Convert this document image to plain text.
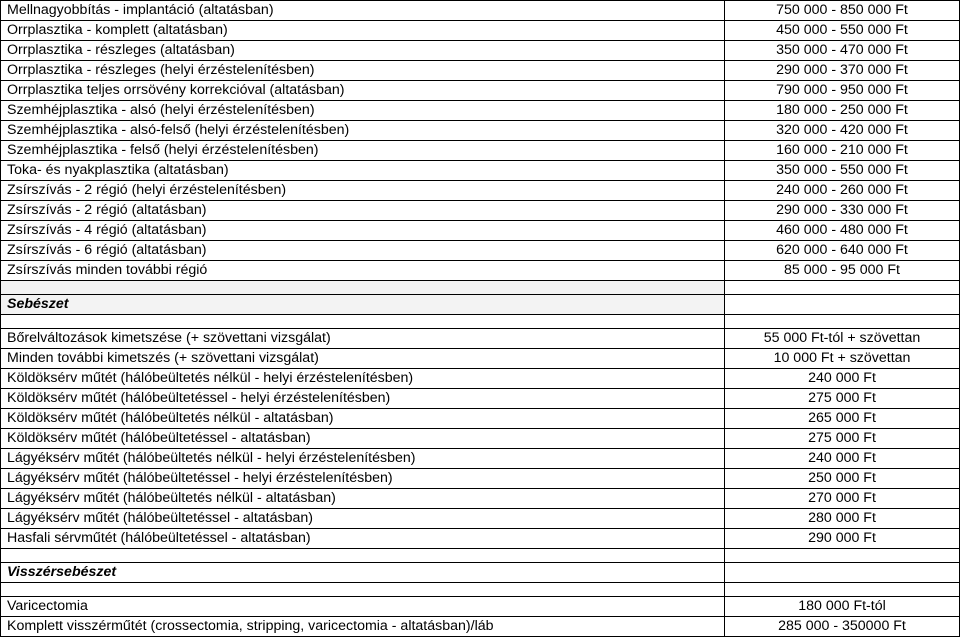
Mellnagyobbítás - implantáció (altatásban)	750 000 - 850 000 Ft
Orrplasztika - komplett (altatásban)	450 000 - 550 000 Ft
Orrplasztika - részleges (altatásban)	350 000 - 470 000 Ft
Orrplasztika - részleges (helyi érzéstelenítésben)	290 000 - 370 000 Ft
Orrplasztika teljes orrsövény korrekcióval (altatásban)	790 000 - 950 000 Ft
Szemhéjplasztika - alsó (helyi érzéstelenítésben)	180 000 - 250 000 Ft
Szemhéjplasztika - alsó-felső (helyi érzéstelenítésben)	320 000 - 420 000 Ft
Szemhéjplasztika - felső (helyi érzéstelenítésben)	160 000 - 210 000 Ft
Toka- és nyakplasztika (altatásban)	350 000 - 550 000 Ft
Zsírszívás - 2 régió (helyi érzéstelenítésben)	240 000 - 260 000 Ft
Zsírszívás - 2 régió (altatásban)	290 000 - 330 000 Ft
Zsírszívás - 4 régió (altatásban)	460 000 - 480 000 Ft
Zsírszívás - 6 régió (altatásban)	620 000 - 640 000 Ft
Zsírszívás minden további régió	85 000 - 95 000 Ft

Sebészet	

Bőrelváltozások kimetszése (+ szövettani vizsgálat)	55 000 Ft-tól + szövettan
Minden további kimetszés (+ szövettani vizsgálat)	10 000 Ft + szövettan
Köldöksérv műtét (hálóbeültetés nélkül - helyi érzéstelenítésben)	240 000 Ft
Köldöksérv műtét (hálóbeültetéssel - helyi érzéstelenítésben)	275 000 Ft
Köldöksérv műtét (hálóbeültetés nélkül - altatásban)	265 000 Ft
Köldöksérv műtét (hálóbeültetéssel - altatásban)	275 000 Ft
Lágyéksérv műtét (hálóbeültetés nélkül - helyi érzéstelenítésben)	240 000 Ft
Lágyéksérv műtét (hálóbeültetéssel - helyi érzéstelenítésben)	250 000 Ft
Lágyéksérv műtét (hálóbeültetés nélkül - altatásban)	270 000 Ft
Lágyéksérv műtét (hálóbeültetéssel - altatásban)	280 000 Ft
Hasfali sérvműtét (hálóbeültetéssel - altatásban)	290 000 Ft

Visszérsebészet	

Varicectomia	180 000 Ft-tól
Komplett visszérműtét (crossectomia, stripping, varicectomia - altatásban)/láb	285 000 - 350000 Ft
